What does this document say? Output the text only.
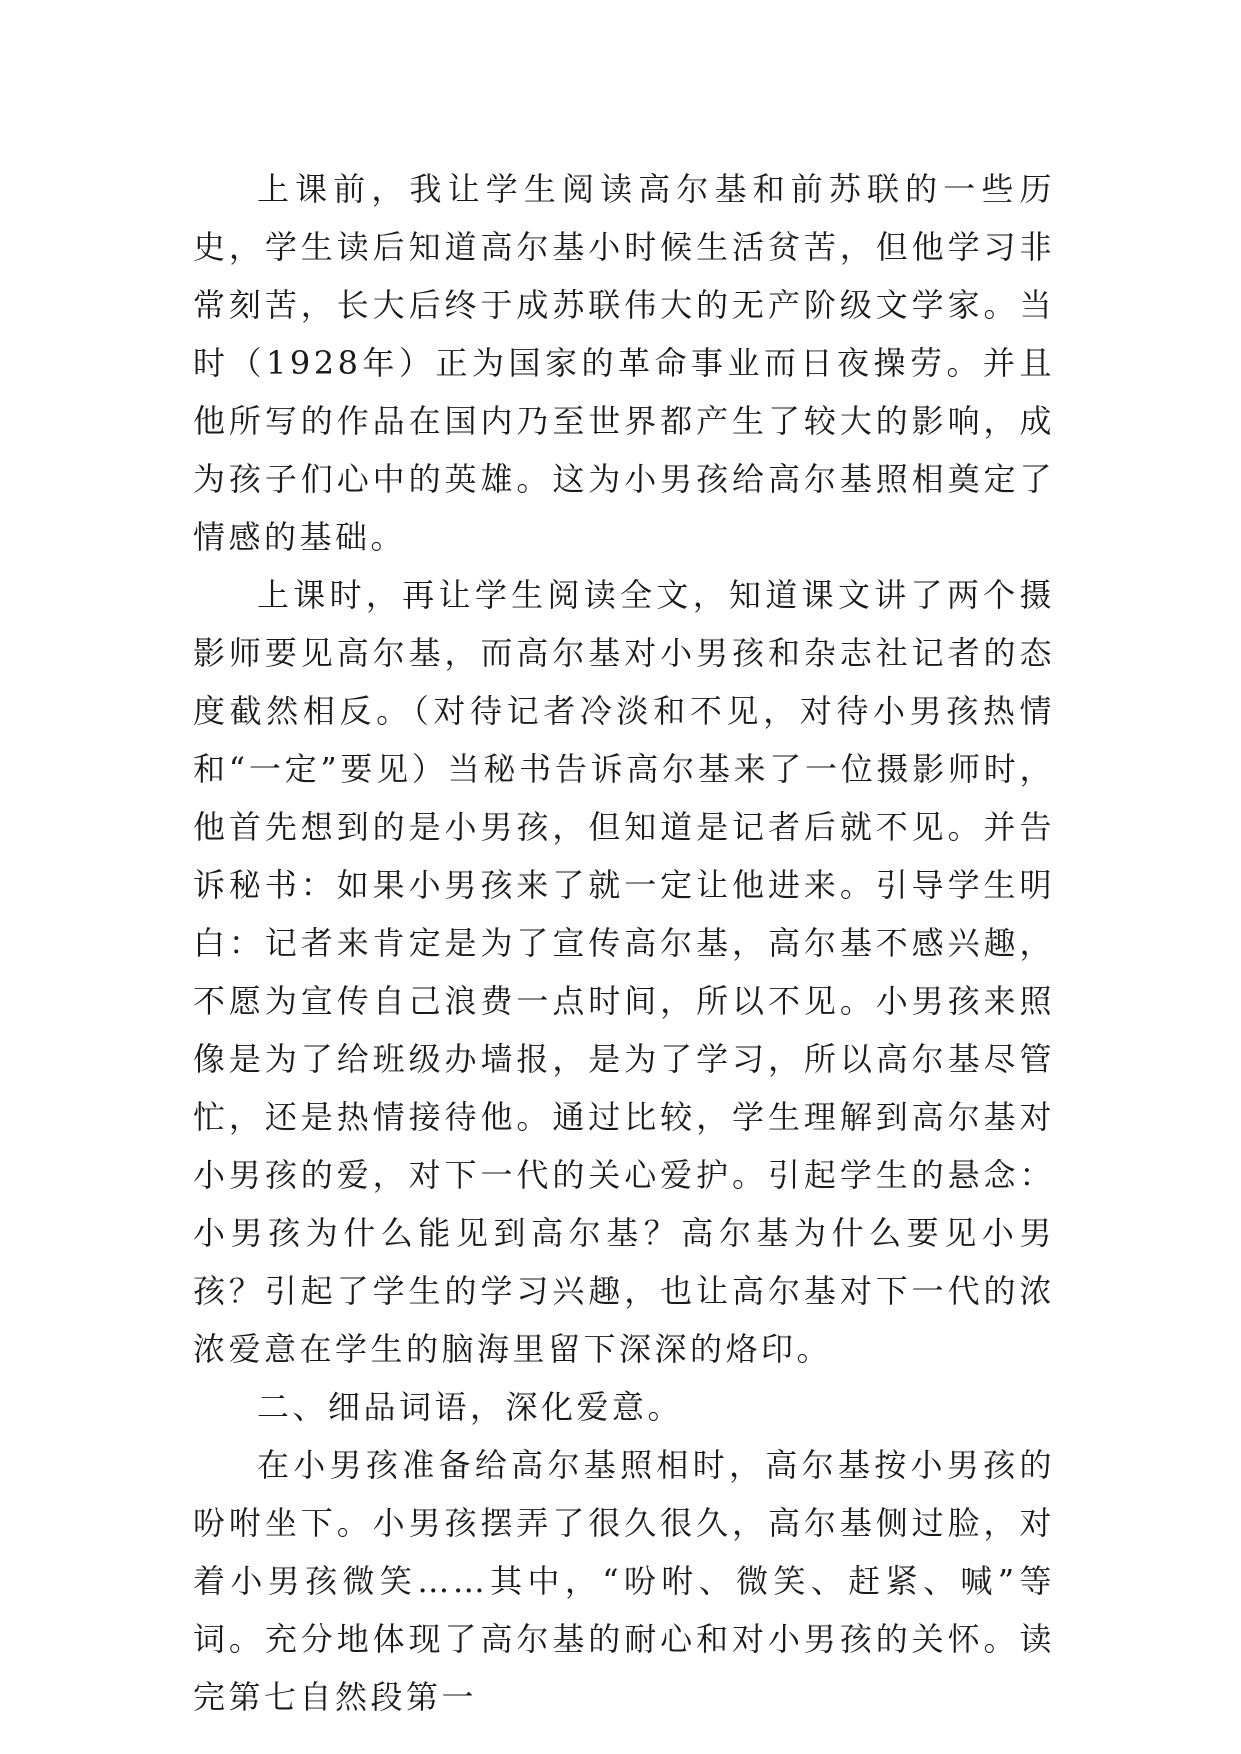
上课前，我让学生阅读高尔基和前苏联的一些历史，学生读后知道高尔基小时候生活贫苦，但他学习非常刻苦，长大后终于成苏联伟大的无产阶级文学家。当时（1928年）正为国家的革命事业而日夜操劳。并且他所写的作品在国内乃至世界都产生了较大的影响，成为孩子们心中的英雄。这为小男孩给高尔基照相奠定了情感的基础。

上课时，再让学生阅读全文，知道课文讲了两个摄影师要见高尔基，而高尔基对小男孩和杂志社记者的态度截然相反。（对待记者冷淡和不见，对待小男孩热情和“一定”要见）当秘书告诉高尔基来了一位摄影师时，他首先想到的是小男孩，但知道是记者后就不见。并告诉秘书：如果小男孩来了就一定让他进来。引导学生明白：记者来肯定是为了宣传高尔基，高尔基不感兴趣，不愿为宣传自己浪费一点时间，所以不见。小男孩来照像是为了给班级办墙报，是为了学习，所以高尔基尽管忙，还是热情接待他。通过比较，学生理解到高尔基对小男孩的爱，对下一代的关心爱护。引起学生的悬念：小男孩为什么能见到高尔基？高尔基为什么要见小男孩？引起了学生的学习兴趣，也让高尔基对下一代的浓浓爱意在学生的脑海里留下深深的烙印。

二、细品词语，深化爱意。

在小男孩准备给高尔基照相时，高尔基按小男孩的吩咐坐下。小男孩摆弄了很久很久，高尔基侧过脸，对着小男孩微笑……其中，“吩咐、微笑、赶紧、喊”等词。充分地体现了高尔基的耐心和对小男孩的关怀。读完第七自然段第一
